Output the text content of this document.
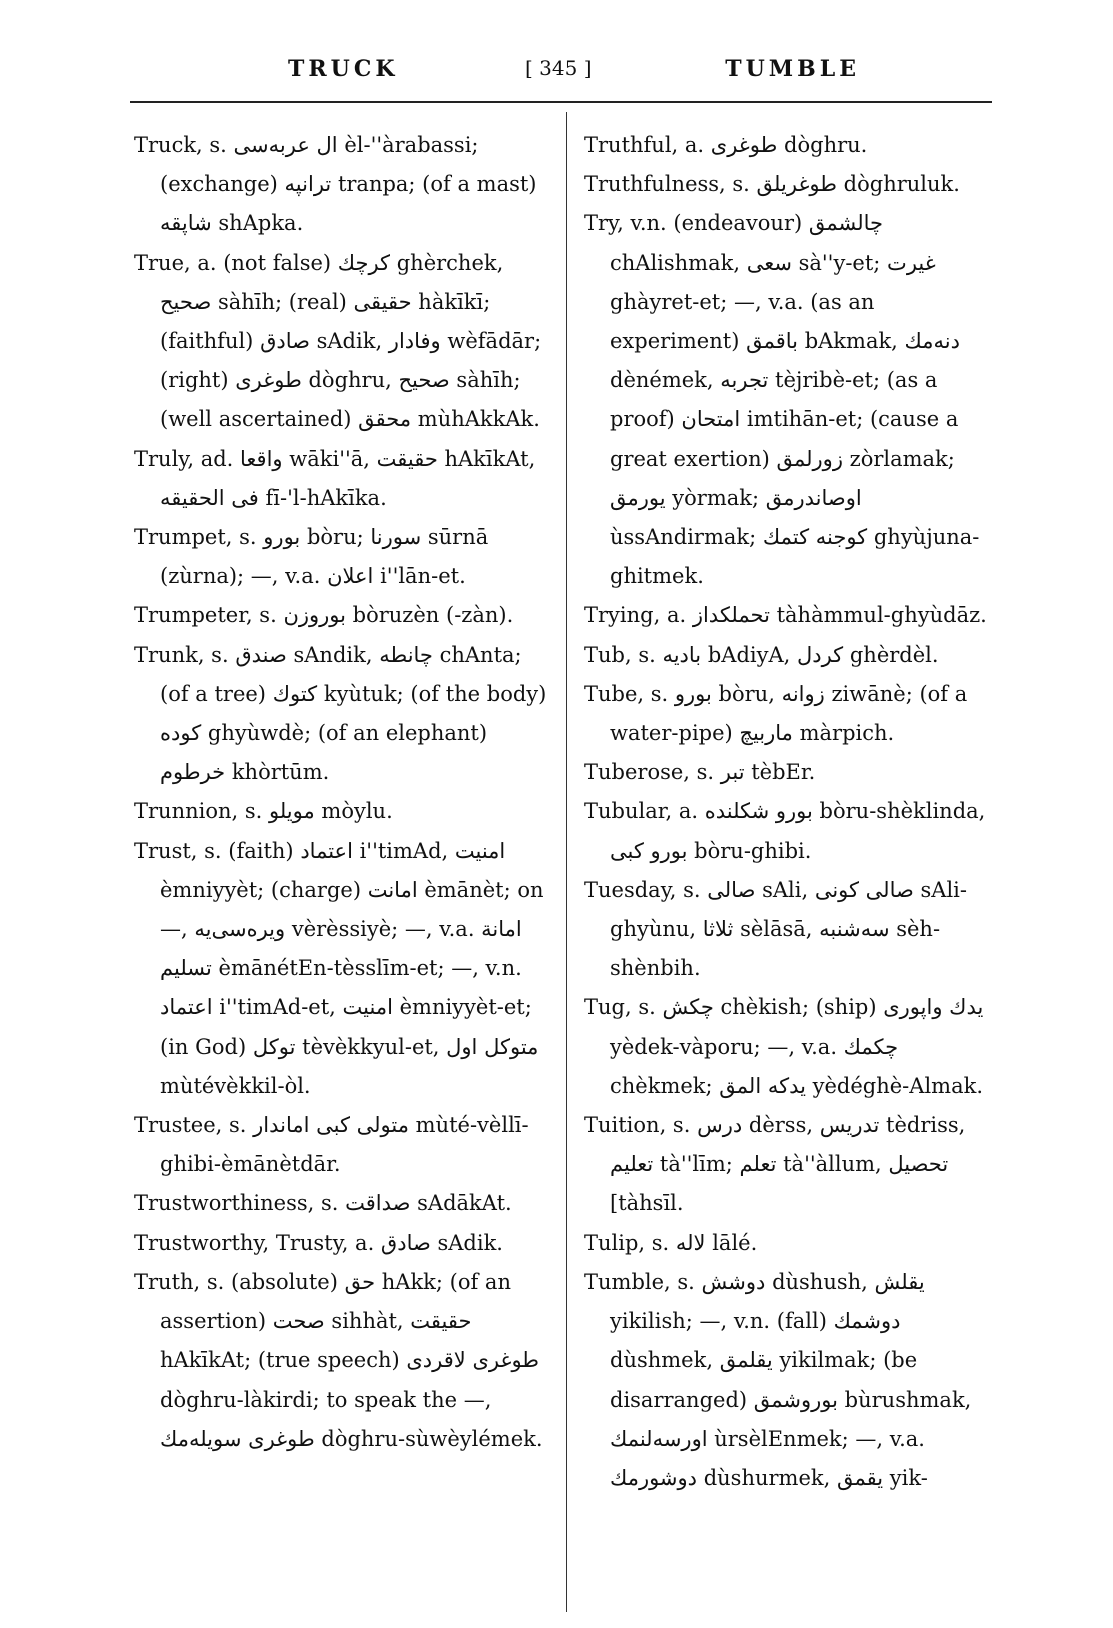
TRUCK	[ 345 ]	TUMBLE

Truck, s. ال عربه‌سی èl-''àrabassi; (exchange) ترانپه tranpa; (of a mast) شاپقه shApka.

True, a. (not false) كرچك ghèrchek, صحیح sàhīh; (real) حقیقی hàkīkī; (faithful) صادق sAdik, وفادار wèfādār; (right) طوغری dòghru, صحیح sàhīh; (well ascertained) محقق mùhAkkAk.

Truly, ad. واقعا wāki''ā, حقیقت hAkīkAt, فی الحقیقه fī-'l-hAkīka.

Trumpet, s. بورو bòru; سورنا sūrnā (zùrna); —, v.a. اعلان i''lān-et.

Trumpeter, s. بوروزن bòruzèn (-zàn).

Trunk, s. صندق sAndik, چانطه chAnta; (of a tree) كتوك kyùtuk; (of the body) كوده ghyùwdè; (of an elephant) خرطوم khòrtūm.

Trunnion, s. مویلو mòylu.

Trust, s. (faith) اعتماد i''timAd, امنیت èmniyyèt; (charge) امانت èmānèt; on —, ویره‌سی‌یه vèrèssiyè; —, v.a. امانة تسلیم èmānétEn-tèsslīm-et; —, v.n. اعتماد i''timAd-et, امنیت èmniyyèt-et; (in God) توكل tèvèkkyul-et, متوكل اول mùtévèkkil-òl.

Trustee, s. متولی كبی اماندار mùté-vèllī-ghibi-èmānètdār.

Trustworthiness, s. صداقت sAdākAt.

Trustworthy, Trusty, a. صادق sAdik.

Truth, s. (absolute) حق hAkk; (of an assertion) صحت sihhàt, حقیقت hAkīkAt; (true speech) طوغری لاقردی dòghru-làkirdi; to speak the —, طوغری سویله‌مك dòghru-sùwèylémek.

Truthful, a. طوغری dòghru.

Truthfulness, s. طوغریلق dòghruluk.

Try, v.n. (endeavour) چالشمق chAlishmak, سعی sà''y-et; غیرت ghàyret-et; —, v.a. (as an experiment) باقمق bAkmak, دنه‌مك dènémek, تجربه tèjribè-et; (as a proof) امتحان imtihān-et; (cause a great exertion) زورلمق zòrlamak; یورمق yòrmak; اوصاندرمق ùssAndirmak; كوجنه كتمك ghyùjuna-ghitmek.

Trying, a. تحملكداز tàhàmmul-ghyùdāz.

Tub, s. بادیه bAdiyA, كردل ghèrdèl.

Tube, s. بورو bòru, زوانه ziwānè; (of a water-pipe) ماربیچ màrpich.

Tuberose, s. تبر tèbEr.

Tubular, a. بورو شكلنده bòru-shèklinda, بورو كبی bòru-ghibi.

Tuesday, s. صالی sAli, صالی كونی sAli-ghyùnu, ثلاثا sèlāsā, سه‌شنبه sèh-shènbih.

Tug, s. چكش chèkish; (ship) یدك واپوری yèdek-vàporu; —, v.a. چكمك chèkmek; یدكه المق yèdéghè-Almak.

Tuition, s. درس dèrss, تدریس tèdriss, تعلیم tà''līm; تعلم tà''àllum, تحصیل [tàhsīl.

Tulip, s. لاله lālé.

Tumble, s. دوشش dùshush, یقلش yikilish; —, v.n. (fall) دوشمك dùshmek, یقلمق yikilmak; (be disarranged) بوروشمق bùrushmak, اورسه‌لنمك ùrsèlEnmek; —, v.a. دوشورمك dùshurmek, یقمق yik-
